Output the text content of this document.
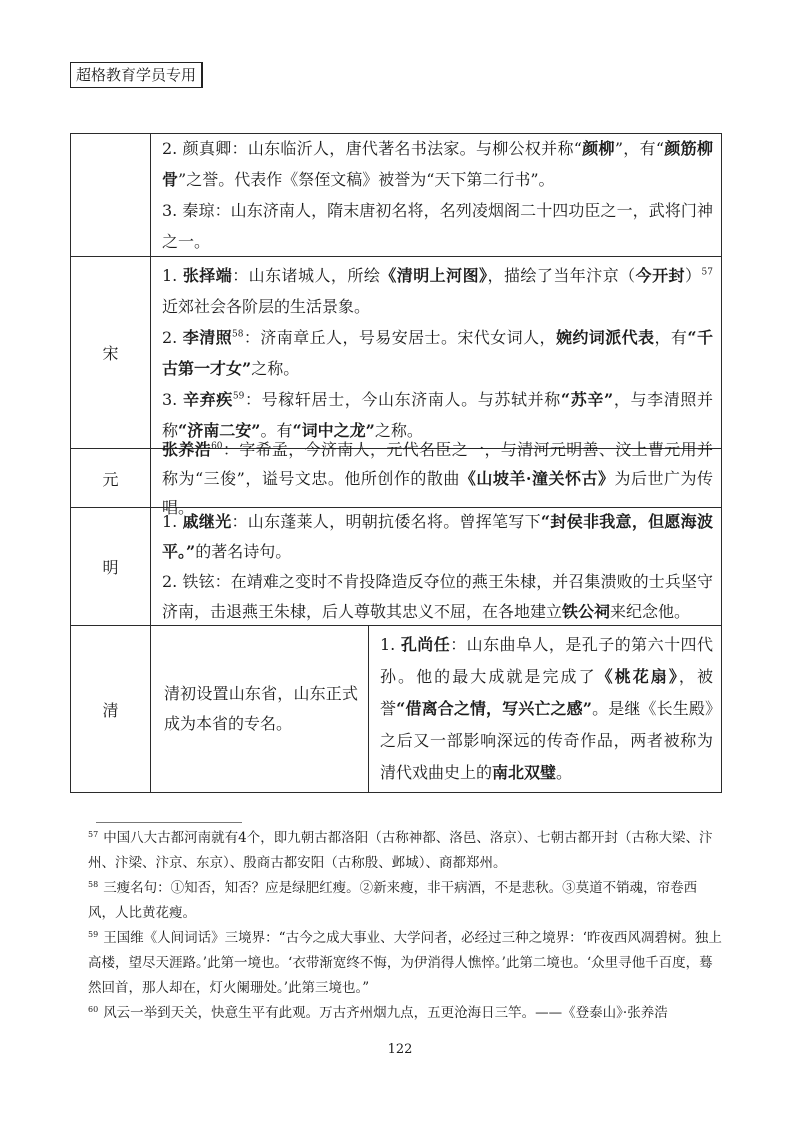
超格教育学员专用

	2. 颜真卿：山东临沂人，唐代著名书法家。与柳公权并称“颜柳”，有“颜筋柳骨”之誉。代表作《祭侄文稿》被誉为“天下第二行书”。
3. 秦琼：山东济南人，隋末唐初名将，名列凌烟阁二十四功臣之一，武将门神之一。	

宋	1. 张择端：山东诸城人，所绘《清明上河图》，描绘了当年汴京（今开封）$^{57}$近郊社会各阶层的生活景象。
2. 李清照$^{58}$：济南章丘人，号易安居士。宋代女词人，婉约词派代表，有“千古第一才女”之称。
3. 辛弃疾$^{59}$：号稼轩居士，今山东济南人。与苏轼并称“苏辛”，与李清照并称“济南二安”。有“词中之龙”之称。	

元	张养浩$^{60}$：字希孟，今济南人，元代名臣之一，与清河元明善、汶上曹元用并称为“三俊”，谥号文忠。他所创作的散曲《山坡羊·潼关怀古》为后世广为传唱。	

明	1. 戚继光：山东蓬莱人，明朝抗倭名将。曾挥笔写下“封侯非我意，但愿海波平。”的著名诗句。
2. 铁铉：在靖难之变时不肯投降造反夺位的燕王朱棣，并召集溃败的士兵坚守济南，击退燕王朱棣，后人尊敬其忠义不屈，在各地建立铁公祠来纪念他。	

清	清初设置山东省，山东正式成为本省的专名。	1. 孔尚任：山东曲阜人，是孔子的第六十四代孙。他的最大成就是完成了《桃花扇》，被誉“借离合之情，写兴亡之感”。是继《长生殿》之后又一部影响深远的传奇作品，两者被称为清代戏曲史上的南北双璧。
$^{57}$ 中国八大古都河南就有4个，即九朝古都洛阳（古称神都、洛邑、洛京）、七朝古都开封（古称大梁、汴州、汴梁、汴京、东京）、殷商古都安阳（古称殷、邺城）、商都郑州。
$^{58}$ 三瘦名句：①知否，知否？应是绿肥红瘦。②新来瘦，非干病酒，不是悲秋。③莫道不销魂，帘卷西风，人比黄花瘦。
$^{59}$ 王国维《人间词话》三境界：“古今之成大事业、大学问者，必经过三种之境界：‘昨夜西风凋碧树。独上高楼，望尽天涯路。’此第一境也。‘衣带渐宽终不悔，为伊消得人憔悴。’此第二境也。‘众里寻他千百度，蓦然回首，那人却在，灯火阑珊处。’此第三境也。”
$^{60}$ 风云一举到天关，快意生平有此观。万古齐州烟九点，五更沧海日三竿。——《登泰山》·张养浩
122
